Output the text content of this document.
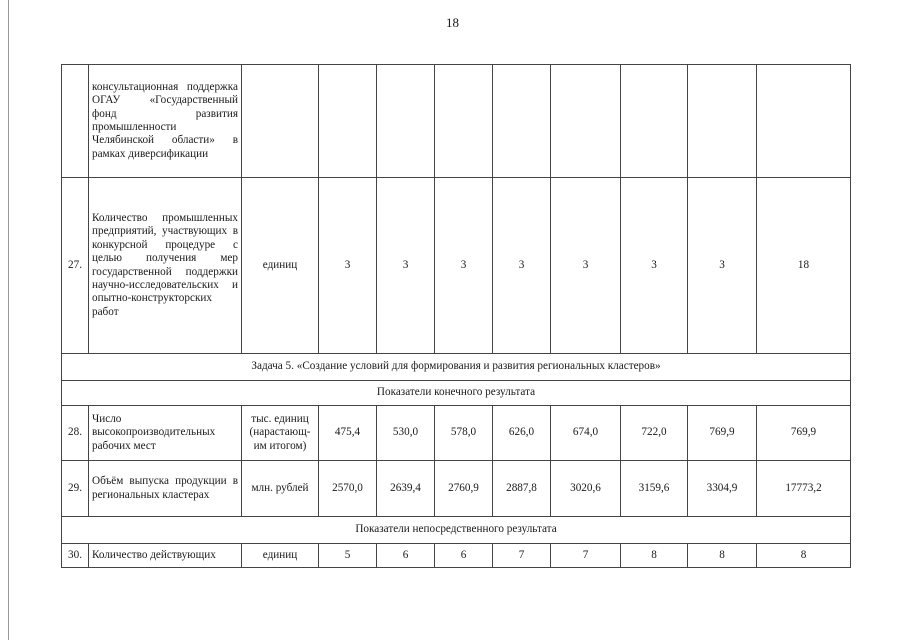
18
	консультационная поддержка ОГАУ «Государственный фонд развития промышленности Челябинской области» в рамках диверсификации									
27.	Количество промышленных предприятий, участвующих в конкурсной процедуре с целью получения мер государственной поддержки научно-исследовательских и опытно-конструкторских работ	единиц	3	3	3	3	3	3	3	18
Задача 5. «Создание условий для формирования и развития региональных кластеров»										
Показатели конечного результата										
28.	Число высокопроизводительных рабочих мест	тыс. единиц (нарастающ-им итогом)	475,4	530,0	578,0	626,0	674,0	722,0	769,9	769,9
29.	Объём выпуска продукции в региональных кластерах	млн. рублей	2570,0	2639,4	2760,9	2887,8	3020,6	3159,6	3304,9	17773,2
Показатели непосредственного результата										
30.	Количество действующих	единиц	5	6	6	7	7	8	8	8
